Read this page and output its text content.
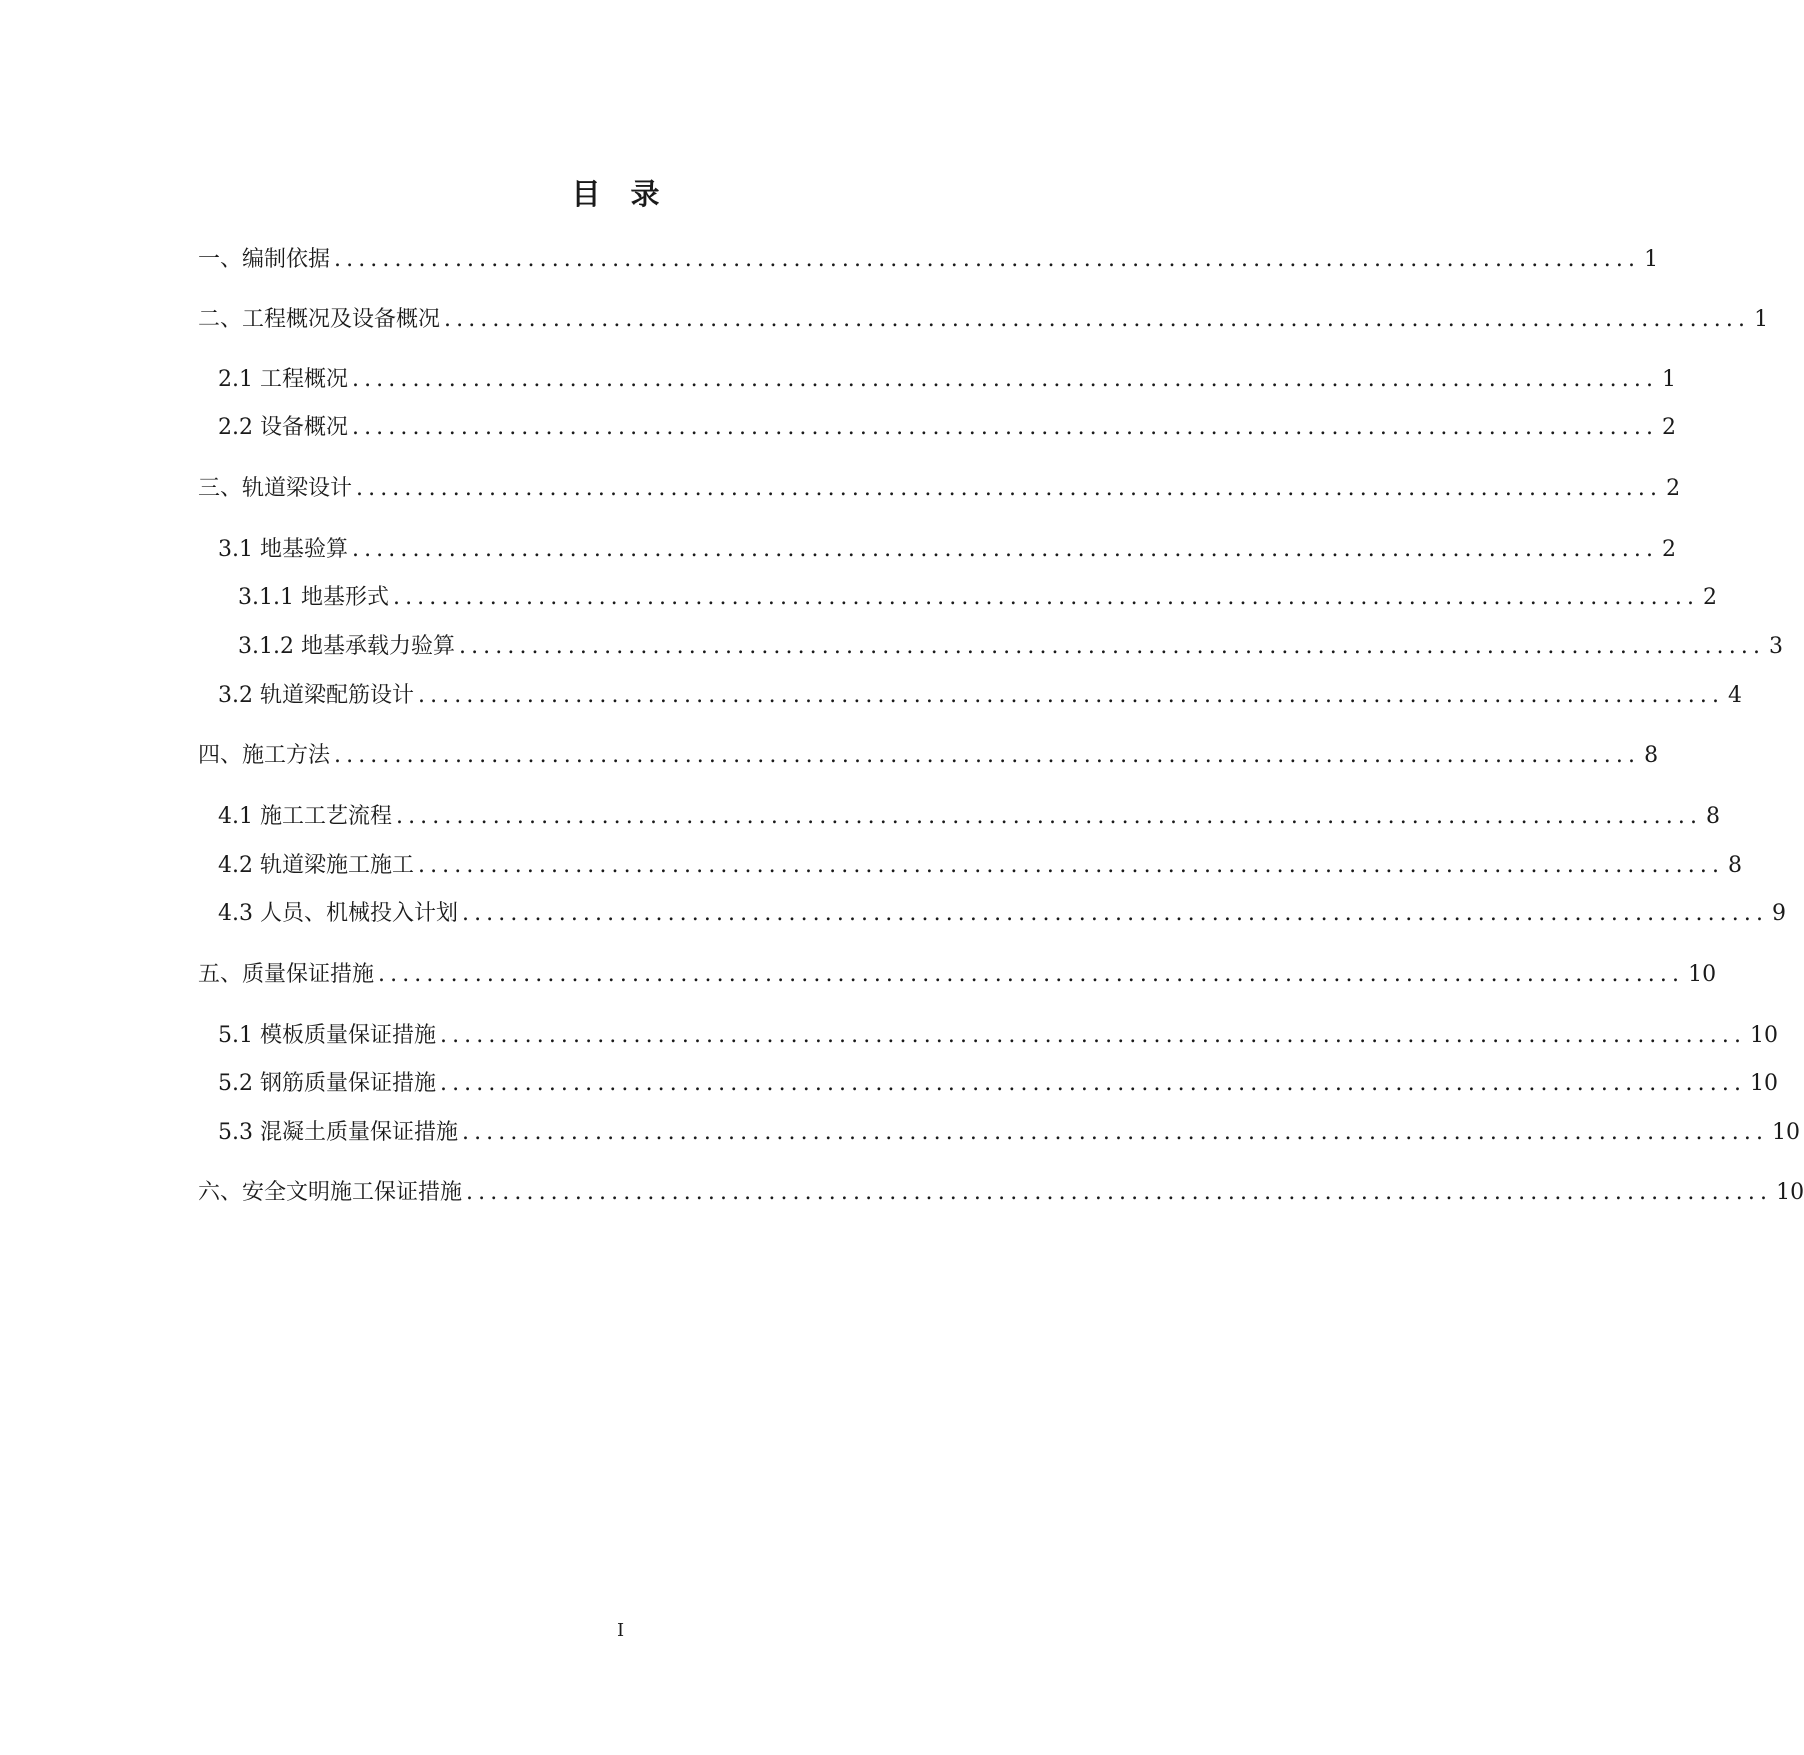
目 录
一、编制依据 ............................................................................................................ 1
二、工程概况及设备概况 ............................................................................................................ 1
2.1 工程概况 ............................................................................................................ 1
2.2 设备概况 ............................................................................................................ 2
三、轨道梁设计 ............................................................................................................ 2
3.1 地基验算 ............................................................................................................ 2
3.1.1 地基形式 ............................................................................................................ 2
3.1.2 地基承载力验算 ............................................................................................................ 3
3.2 轨道梁配筋设计 ............................................................................................................ 4
四、施工方法 ............................................................................................................ 8
4.1 施工工艺流程 ............................................................................................................ 8
4.2 轨道梁施工施工 ............................................................................................................ 8
4.3 人员、机械投入计划 ............................................................................................................ 9
五、质量保证措施 ............................................................................................................ 10
5.1 模板质量保证措施 ............................................................................................................ 10
5.2 钢筋质量保证措施 ............................................................................................................ 10
5.3 混凝土质量保证措施 ............................................................................................................ 10
六、安全文明施工保证措施 ............................................................................................................ 10
I
